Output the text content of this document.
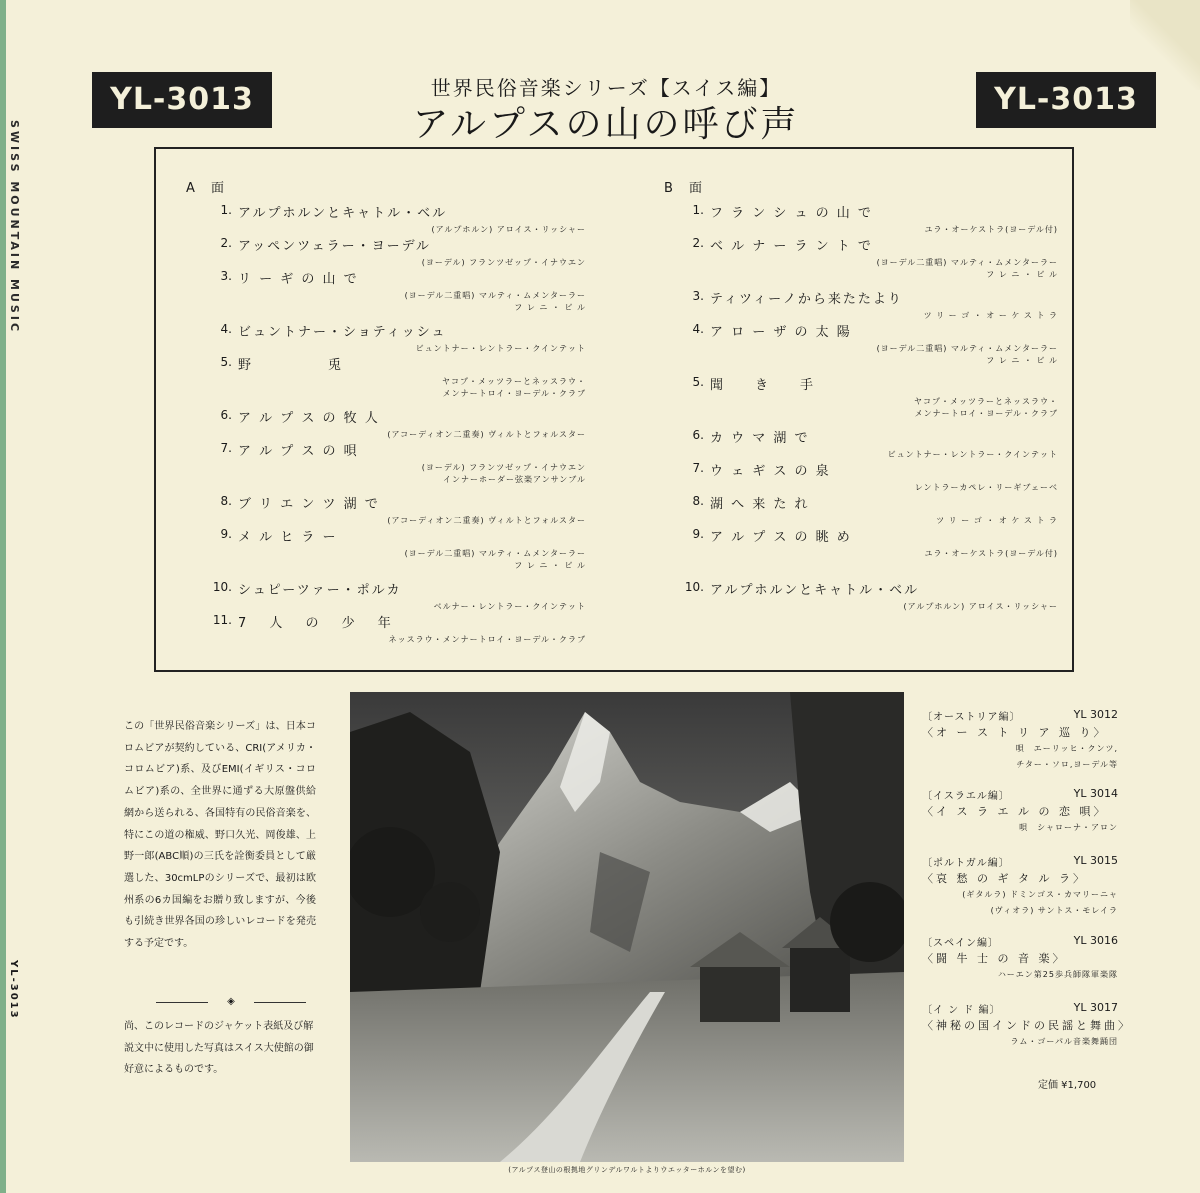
SWISS MOUNTAIN MUSIC
YL-3013
YL-3013	YL-3013
世界民俗音楽シリーズ【スイス編】
アルプスの山の呼び声
A 面	B 面
1. アルプホルンとキャトル・ベル
(アルプホルン) アロイス・リッシャー
2. アッペンツェラー・ヨーデル
(ヨーデル) フランツゼップ・イナウエン
3. リ ー ギ の 山 で
(ヨーデル二重唱) マルティ・ムメンターラー
フ レ ニ ・ ビ ル
4. ビュントナー・ショティッシュ
ビュントナー・レントラー・クインテット
5. 野　　　　　兎
ヤコプ・メッツラーとネッスラウ・
メンナートロイ・ヨーデル・クラブ
6. ア ル プ ス の 牧 人
(アコーディオン二重奏) ヴィルトとフォルスター
7. ア ル プ ス の 唄
(ヨーデル) フランツゼップ・イナウエン
インナーホーダー弦楽アンサンブル
8. ブ リ エ ン ツ 湖 で
(アコーディオン二重奏) ヴィルトとフォルスター
9. メ ル ヒ ラ ー
(ヨーデル二重唱) マルティ・ムメンターラー
フ レ ニ ・ ビ ル
10. シュピーツァー・ポルカ
ベルナー・レントラー・クインテット
11. 7　 人　 の　 少　 年
ネッスラウ・メンナートロイ・ヨーデル・クラブ
1. フ ラ ン シ ュ の 山 で
ユラ・オーケストラ(ヨーデル付)
2. ベ ル ナ ー ラ ン ト で
(ヨーデル二重唱) マルティ・ムメンターラー
フ レ ニ ・ ビ ル
3. ティツィーノから来たたより
ツ リ ー ゴ ・ オ ー ケ ス ト ラ
4. ア ロ ー ザ の 太 陽
(ヨーデル二重唱) マルティ・ムメンターラー
フ レ ニ ・ ビ ル
5. 聞　　き　　手
ヤコプ・メッツラーとネッスラウ・
メンナートロイ・ヨーデル・クラブ
6. カ ウ マ 湖 で
ビュントナー・レントラー・クインテット
7. ウ ェ ギ ス の 泉
レントラーカペレ・リーギブェーベ
8. 湖 へ 来 た れ
ツ リ ー ゴ ・ オ ケ ス ト ラ
9. ア ル プ ス の 眺 め
ユラ・オーケストラ(ヨーデル付)
10. アルプホルンとキャトル・ベル
(アルプホルン) アロイス・リッシャー
この「世界民俗音楽シリーズ」は、日本コロムビアが契約している、CRI(アメリカ・コロムビア)系、及びEMI(イギリス・コロムビア)系の、全世界に通ずる大原盤供給網から送られる、各国特有の民俗音楽を、特にこの道の権威、野口久光、岡俊雄、上野一郎(ABC順)の三氏を詮衡委員として厳選した、30cmLPのシリーズで、最初は欧州系の6カ国編をお贈り致しますが、今後も引続き世界各国の珍しいレコードを発売する予定です。
◈
尚、このレコードのジャケット表紙及び解説文中に使用した写真はスイス大使館の御好意によるものです。
(アルプス登山の根拠地グリンデルワルトよりウエッターホルンを望む)
〔オーストリア編〕	YL 3012
〈オ ー ス ト リ ア 巡 り〉
唄　エーリッヒ・クンツ,
チター・ソロ,ヨーデル等
〔イスラエル編〕	YL 3014
〈イ ス ラ エ ル の 恋 唄〉
唄　シャローナ・アロン
〔ポルトガル編〕	YL 3015
〈哀 愁 の ギ タ ル ラ〉
(ギタルラ) ドミンゴス・カマリーニャ
(ヴィオラ) サントス・モレイラ
〔スペイン編〕	YL 3016
〈闘 牛 士 の 音 楽〉
ハーエン第25歩兵師隊軍楽隊
〔イ ン ド 編〕	YL 3017
〈神秘の国インドの民謡と舞曲〉
ラム・ゴーパル音楽舞踊団
定価 ¥1,700
